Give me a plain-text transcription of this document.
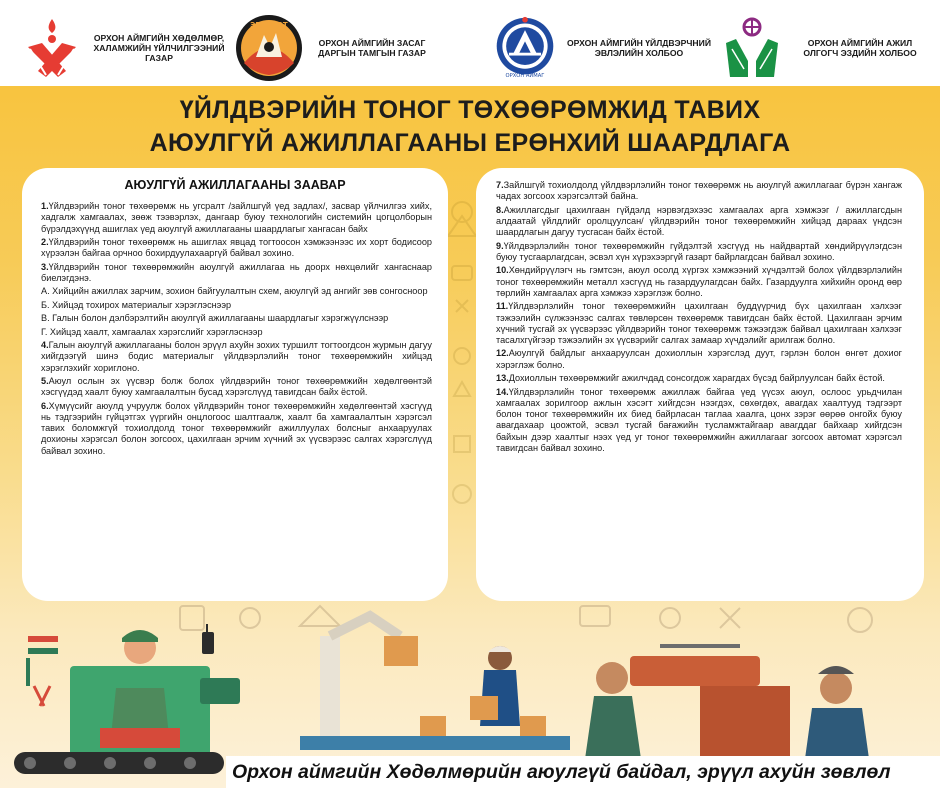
ОРХОН АЙМГИЙН ХӨДӨЛМӨР, ХАЛАМЖИЙН ҮЙЛЧИЛГЭЭНИЙ ГАЗАР
ЭРДЭНЭТ
ОРХОН АЙМГИЙН ЗАСАГ ДАРГЫН ТАМГЫН ГАЗАР
ОРХОН АЙМАГ
ОРХОН АЙМГИЙН ҮЙЛДВЭРЧНИЙ ЭВЛЭЛИЙН ХОЛБОО
ОРХОН АЙМГИЙН АЖИЛ ОЛГОГЧ ЭЗДИЙН ХОЛБОО
ҮЙЛДВЭРИЙН ТОНОГ ТӨХӨӨРӨМЖИД ТАВИХ
АЮУЛГҮЙ АЖИЛЛАГААНЫ ЕРӨНХИЙ ШААРДЛАГА
АЮУЛГҮЙ АЖИЛЛАГААНЫ ЗААВАР

1.Үйлдвэрийн тоног төхөөрөмж нь угсралт /зайлшгүй үед задлах/, засвар үйлчилгээ хийх, хадгалж хамгаалах, зөөж тээвэрлэх, дангаар буюу технологийн системийн цогцолборын бүрэлдэхүүнд ашиглах үед аюулгүй ажиллагааны шаардлагыг хангасан байх

2.Үйлдвэрийн тоног төхөөрөмж нь ашиглах явцад тогтоосон хэмжээнээс их хорт бодисоор хүрээлэн байгаа орчноо бохирдуулахааргүй байвал зохино.

3.Үйлдвэрийн тоног төхөөрөмжийн аюулгүй ажиллагаа нь доорх нөхцөлийг хангаснаар биелэгдэнэ.

А. Хийцийн ажиллах зарчим, зохион байгуулалтын схем, аюулгүй эд ангийг зөв сонгосноор

Б. Хийцэд тохирох материалыг хэрэглэснээр

В. Галын болон дэлбэрэлтийн аюулгүй ажиллагааны шаардлагыг хэрэгжүүлснээр

Г. Хийцэд хаалт, хамгаалах хэрэгслийг хэрэглэснээр

4.Галын аюулгүй ажиллагааны болон эрүүл ахуйн зохих туршилт тогтоогдсон журмын дагуу хийгдээгүй шинэ бодис материалыг үйлдвэрлэлийн тоног төхөөрөмжийн хийцэд хэрэглэхийг хориглоно.

5.Аюул ослын эх үүсвэр болж болох үйлдвэрийн тоног төхөөрөмжийн хөдөлгөөнтэй хэсгүүдэд хаалт буюу хамгаалалтын бусад хэрэгслүүд тавигдсан байх ёстой.

6.Хүмүүсийг аюулд учруулж болох үйлдвэрийн тоног төхөөрөмжийн хөдөлгөөнтэй хэсгүүд нь тэдгээрийн гүйцэтгэх үүргийн онцлогоос шалтгаалж, хаалт ба хамгаалалтын хэрэгсэл тавих боломжгүй тохиолдолд тоног төхөөрөмжийг ажиллуулах болсныг анхааруулах дохионы хэрэгсэл болон зогсоох, цахилгаан эрчим хүчний эх үүсвэрээс салгах хэрэгслүүд байвал зохино.

7.Зайлшгүй тохиолдолд үйлдвэрлэлийн тоног төхөөрөмж нь аюулгүй ажиллагааг бүрэн хангаж чадах зогсоох хэрэгсэлтэй байна.

8.Ажиллагсдыг цахилгаан гүйдэлд нэрвэгдэхээс хамгаалах арга хэмжээг / ажиллагсдын алдаатай үйлдлийг оролцуулсан/ үйлдвэрийн тоног төхөөрөмжийн хийцэд дараах үндсэн шаардлагын дагуу тусгасан байх ёстой.

9.Үйлдвэрлэлийн тоног төхөөрөмжийн гүйдэлтэй хэсгүүд нь найдвартай хөндийрүүлэгдсэн буюу тусгаарлагдсан, эсвэл хүн хүрэхээргүй газарт байрлагдсан байвал зохино.

10.Хөндийрүүлэгч нь гэмтсэн, аюул осолд хүргэх хэмжээний хүчдэлтэй болох үйлдвэрлэлийн тоног төхөөрөмжийн металл хэсгүүд нь газардуулагдсан байх. Газардуулга хийхийн оронд өөр төрлийн хамгаалах арга хэмжээ хэрэглэж болно.

11.Үйлдвэрлэлийн тоног төхөөрөмжийн цахилгаан буддүүрчид бүх цахилгаан хэлхээг тэжээлийн сүлжээнээс салгах төвлөрсөн төхөөрөмж тавигдсан байх ёстой. Цахилгаан эрчим хүчний тусгай эх үүсвэрээс үйлдвэрийн тоног төхөөрөмж тэжээгдэж байвал цахилгаан хэлхээг тасалхгүйгээр тэжээлийн эх үүсвэрийг салгах замаар хүчдэлийг арилгаж болно.

12.Аюулгүй байдлыг анхааруулсан дохиоллын хэрэгслэд дуут, гэрлэн болон өнгөт дохиог хэрэглэж болно.

13.Дохиоллын төхөөрөмжийг ажилчдад сонсогдож харагдах бүсэд байрлуулсан байх ёстой.

14.Үйлдвэрлэлийн тоног төхөөрөмж ажиллаж байгаа үед үүсэх аюул, ослоос урьдчилан хамгаалах зорилгоор ажлын хэсэгт хийгдсэн нээгдэх, сөхөгдөх, авагдах хаалтууд тэдгээрт болон тоног төхөөрөмжийн их биед байрласан таглаа хаалга, цонх зэрэг өөрөө онгойх буюу авагдахаар цоожтой, эсвэл тусгай бағажийн тусламжтайгаар авагддаг байхаар хийгдсэн байхын дээр хаалтыг нээх үед уг тоног төхөөрөмжийн ажиллагааг зогсоох автомат хэрэгсэл тавигдсан байвал зохино.

Орхон аймгийн Хөдөлмөрийн аюулгүй байдал, эрүүл ахуйн зөвлөл
